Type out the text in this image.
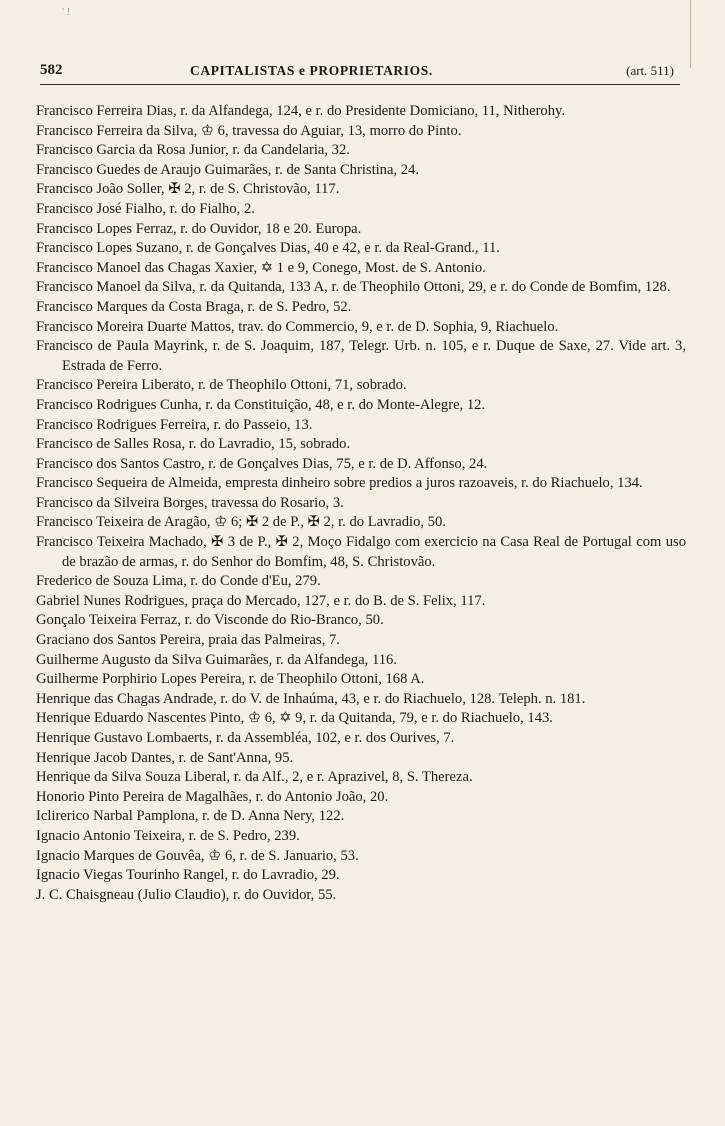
' !
582	CAPITALISTAS e PROPRIETARIOS.	(art. 511)
Francisco Ferreira Dias, r. da Alfandega, 124, e r. do Presidente Domiciano, 11, Nitherohy.
Francisco Ferreira da Silva, ♔ 6, travessa do Aguiar, 13, morro do Pinto.
Francisco Garcia da Rosa Junior, r. da Candelaria, 32.
Francisco Guedes de Araujo Guimarães, r. de Santa Christina, 24.
Francisco João Soller, ✠ 2, r. de S. Christovão, 117.
Francisco José Fialho, r. do Fialho, 2.
Francisco Lopes Ferraz, r. do Ouvidor, 18 e 20. Europa.
Francisco Lopes Suzano, r. de Gonçalves Dias, 40 e 42, e r. da Real-Grand., 11.
Francisco Manoel das Chagas Xaxier, ✡ 1 e 9, Conego, Most. de S. Antonio.
Francisco Manoel da Silva, r. da Quitanda, 133 A, r. de Theophilo Ottoni, 29, e r. do Conde de Bomfim, 128.
Francisco Marques da Costa Braga, r. de S. Pedro, 52.
Francisco Moreira Duarte Mattos, trav. do Commercio, 9, e r. de D. Sophia, 9, Riachuelo.
Francisco de Paula Mayrink, r. de S. Joaquim, 187, Telegr. Urb. n. 105, e r. Duque de Saxe, 27. Vide art. 3, Estrada de Ferro.
Francisco Pereira Liberato, r. de Theophilo Ottoni, 71, sobrado.
Francisco Rodrigues Cunha, r. da Constituição, 48, e r. do Monte-Alegre, 12.
Francisco Rodrigues Ferreira, r. do Passeio, 13.
Francisco de Salles Rosa, r. do Lavradio, 15, sobrado.
Francisco dos Santos Castro, r. de Gonçalves Dias, 75, e r. de D. Affonso, 24.
Francisco Sequeira de Almeida, empresta dinheiro sobre predios a juros razoaveis, r. do Riachuelo, 134.
Francisco da Silveira Borges, travessa do Rosario, 3.
Francisco Teixeira de Aragão, ♔ 6; ✠ 2 de P., ✠ 2, r. do Lavradio, 50.
Francisco Teixeira Machado, ✠ 3 de P., ✠ 2, Moço Fidalgo com exercicio na Casa Real de Portugal com uso de brazão de armas, r. do Senhor do Bomfim, 48, S. Christovão.
Frederico de Souza Lima, r. do Conde d'Eu, 279.
Gabriel Nunes Rodrigues, praça do Mercado, 127, e r. do B. de S. Felix, 117.
Gonçalo Teixeira Ferraz, r. do Visconde do Rio-Branco, 50.
Graciano dos Santos Pereira, praia das Palmeiras, 7.
Guilherme Augusto da Silva Guimarães, r. da Alfandega, 116.
Guilherme Porphirio Lopes Pereira, r. de Theophilo Ottoni, 168 A.
Henrique das Chagas Andrade, r. do V. de Inhaúma, 43, e r. do Riachuelo, 128. Teleph. n. 181.
Henrique Eduardo Nascentes Pinto, ♔ 6, ✡ 9, r. da Quitanda, 79, e r. do Riachuelo, 143.
Henrique Gustavo Lombaerts, r. da Assembléa, 102, e r. dos Ourives, 7.
Henrique Jacob Dantes, r. de Sant'Anna, 95.
Henrique da Silva Souza Liberal, r. da Alf., 2, e r. Aprazivel, 8, S. Thereza.
Honorio Pinto Pereira de Magalhães, r. do Antonio João, 20.
Iclirerico Narbal Pamplona, r. de D. Anna Nery, 122.
Ignacio Antonio Teixeira, r. de S. Pedro, 239.
Ignacio Marques de Gouvêa, ♔ 6, r. de S. Januario, 53.
Ignacio Viegas Tourinho Rangel, r. do Lavradio, 29.
J. C. Chaisgneau (Julio Claudio), r. do Ouvidor, 55.
